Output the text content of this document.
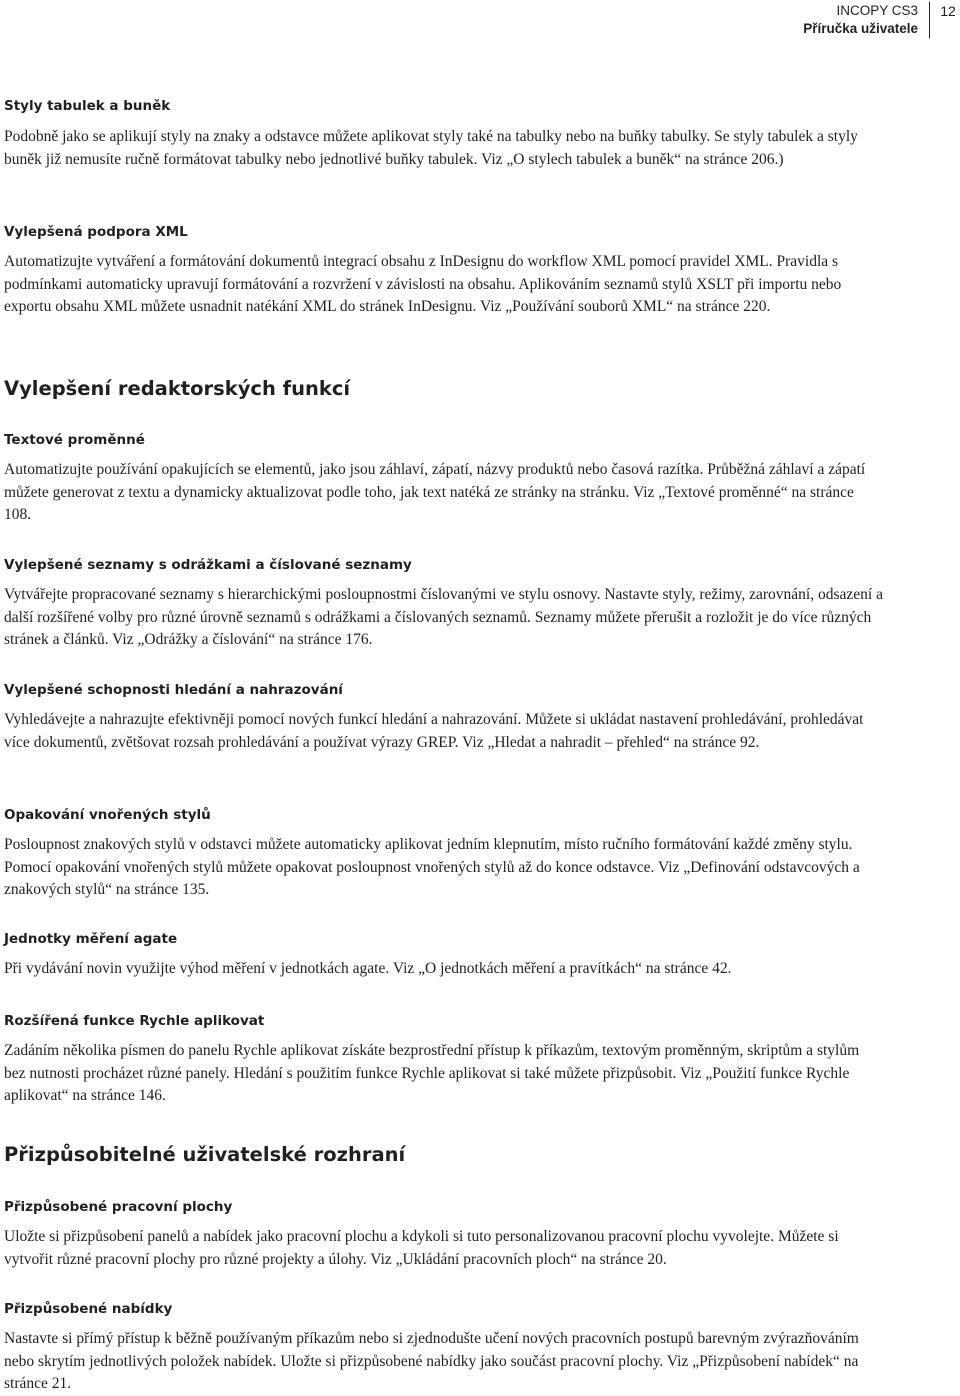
INCOPY CS3
Příručka uživatele
12
Styly tabulek a buněk

Podobně jako se aplikují styly na znaky a odstavce můžete aplikovat styly také na tabulky nebo na buňky tabulky. Se styly tabulek a styly buněk již nemusíte ručně formátovat tabulky nebo jednotlivé buňky tabulek. Viz „O stylech tabulek a buněk“ na stránce 206.)

Vylepšená podpora XML

Automatizujte vytváření a formátování dokumentů integrací obsahu z InDesignu do workflow XML pomocí pravidel XML. Pravidla s podmínkami automaticky upravují formátování a rozvržení v závislosti na obsahu. Aplikováním seznamů stylů XSLT při importu nebo exportu obsahu XML můžete usnadnit natékání XML do stránek InDesignu. Viz „Používání souborů XML“ na stránce 220.

Vylepšení redaktorských funkcí
Textové proměnné

Automatizujte používání opakujících se elementů, jako jsou záhlaví, zápatí, názvy produktů nebo časová razítka. Průběžná záhlaví a zápatí můžete generovat z textu a dynamicky aktualizovat podle toho, jak text natéká ze stránky na stránku. Viz „Textové proměnné“ na stránce 108.

Vylepšené seznamy s odrážkami a číslované seznamy

Vytvářejte propracované seznamy s hierarchickými posloupnostmi číslovanými ve stylu osnovy. Nastavte styly, režimy, zarovnání, odsazení a další rozšířené volby pro různé úrovně seznamů s odrážkami a číslovaných seznamů. Seznamy můžete přerušit a rozložit je do více různých stránek a článků. Viz „Odrážky a číslování“ na stránce 176.

Vylepšené schopnosti hledání a nahrazování

Vyhledávejte a nahrazujte efektivněji pomocí nových funkcí hledání a nahrazování. Můžete si ukládat nastavení prohledávání, prohledávat více dokumentů, zvětšovat rozsah prohledávání a používat výrazy GREP. Viz „Hledat a nahradit – přehled“ na stránce 92.

Opakování vnořených stylů

Posloupnost znakových stylů v odstavci můžete automaticky aplikovat jedním klepnutím, místo ručního formátování každé změny stylu. Pomocí opakování vnořených stylů můžete opakovat posloupnost vnořených stylů až do konce odstavce. Viz „Definování odstavcových a znakových stylů“ na stránce 135.

Jednotky měření agate

Při vydávání novin využijte výhod měření v jednotkách agate. Viz „O jednotkách měření a pravítkách“ na stránce 42.

Rozšířená funkce Rychle aplikovat

Zadáním několika písmen do panelu Rychle aplikovat získáte bezprostřední přístup k příkazům, textovým proměnným, skriptům a stylům bez nutnosti procházet různé panely. Hledání s použitím funkce Rychle aplikovat si také můžete přizpůsobit. Viz „Použití funkce Rychle aplikovat“ na stránce 146.

Přizpůsobitelné uživatelské rozhraní
Přizpůsobené pracovní plochy

Uložte si přizpůsobení panelů a nabídek jako pracovní plochu a kdykoli si tuto personalizovanou pracovní plochu vyvolejte. Můžete si vytvořit různé pracovní plochy pro různé projekty a úlohy. Viz „Ukládání pracovních ploch“ na stránce 20.

Přizpůsobené nabídky

Nastavte si přímý přístup k běžně používaným příkazům nebo si zjednodušte učení nových pracovních postupů barevným zvýrazňováním nebo skrytím jednotlivých položek nabídek. Uložte si přizpůsobené nabídky jako součást pracovní plochy. Viz „Přizpůsobení nabídek“ na stránce 21.
